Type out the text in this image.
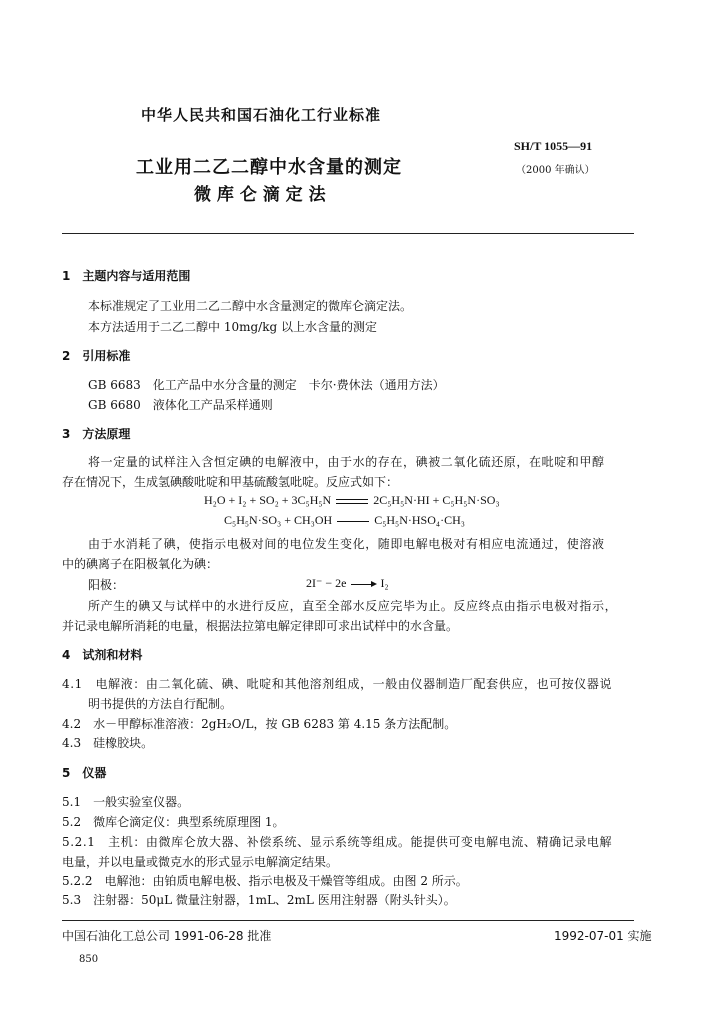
中华人民共和国石油化工行业标准
SH/T 1055—91
（2000 年确认）
工业用二乙二醇中水含量的测定
微 库 仑 滴 定 法
1　主题内容与适用范围
本标准规定了工业用二乙二醇中水含量测定的微库仑滴定法。
本方法适用于二乙二醇中 10mg/kg 以上水含量的测定
2　引用标准
GB 6683　化工产品中水分含量的测定　卡尔·费休法（通用方法）
GB 6680　液体化工产品采样通则
3　方法原理
将一定量的试样注入含恒定碘的电解液中，由于水的存在，碘被二氧化硫还原，在吡啶和甲醇
存在情况下，生成氢碘酸吡啶和甲基硫酸氢吡啶。反应式如下：
H₂O + I₂ + SO₂ + 3C₅H₅N	2C₅H₅N·HI + C₅H₅N·SO₃
C₅H₅N·SO₃ + CH₃OH	C₅H₅N·HSO₄·CH₃
由于水消耗了碘，使指示电极对间的电位发生变化，随即电解电极对有相应电流通过，使溶液
中的碘离子在阳极氧化为碘：
阳极：	2I⁻ − 2e → I₂
所产生的碘又与试样中的水进行反应，直至全部水反应完毕为止。反应终点由指示电极对指示，
并记录电解所消耗的电量，根据法拉第电解定律即可求出试样中的水含量。
4　试剂和材料
4.1　电解液：由二氧化硫、碘、吡啶和其他溶剂组成，一般由仪器制造厂配套供应，也可按仪器说
明书提供的方法自行配制。
4.2　水－甲醇标准溶液：2gH₂O/L，按 GB 6283 第 4.15 条方法配制。
4.3　硅橡胶块。
5　仪器
5.1　一般实验室仪器。
5.2　微库仑滴定仪：典型系统原理图 1。
5.2.1　主机：由微库仑放大器、补偿系统、显示系统等组成。能提供可变电解电流、精确记录电解
电量，并以电量或微克水的形式显示电解滴定结果。
5.2.2　电解池：由铂质电解电极、指示电极及干燥管等组成。由图 2 所示。
5.3　注射器：50μL 微量注射器，1mL、2mL 医用注射器（附头针头）。
中国石油化工总公司 1991-06-28 批准	1992-07-01 实施
850
